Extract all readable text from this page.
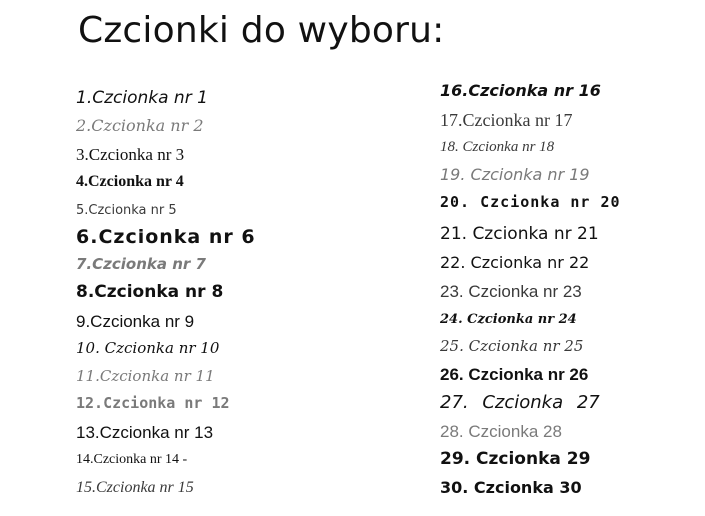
Czcionki do wyboru:
1.Czcionka nr 1
2.Czcionka nr 2
3.Czcionka nr 3
4.Czcionka nr 4
5.Czcionka nr 5
6.Czcionka nr 6
7.Czcionka nr 7
8.Czcionka nr 8
9.Czcionka nr 9
10. Czcionka nr 10
11.Czcionka nr 11
12.Czcionka nr 12
13.Czcionka nr 13
14.Czcionka nr 14 -
15.Czcionka nr 15
16.Czcionka nr 16
17.Czcionka nr 17
18. Czcionka nr 18
19. Czcionka nr 19
20. Czcionka nr 20
21. Czcionka nr 21
22. Czcionka nr 22
23. Czcionka nr 23
24. Czcionka nr 24
25. Czcionka nr 25
26. Czcionka nr 26
27. Czcionka 27
28. Czcionka 28
29. Czcionka 29
30. Czcionka 30
